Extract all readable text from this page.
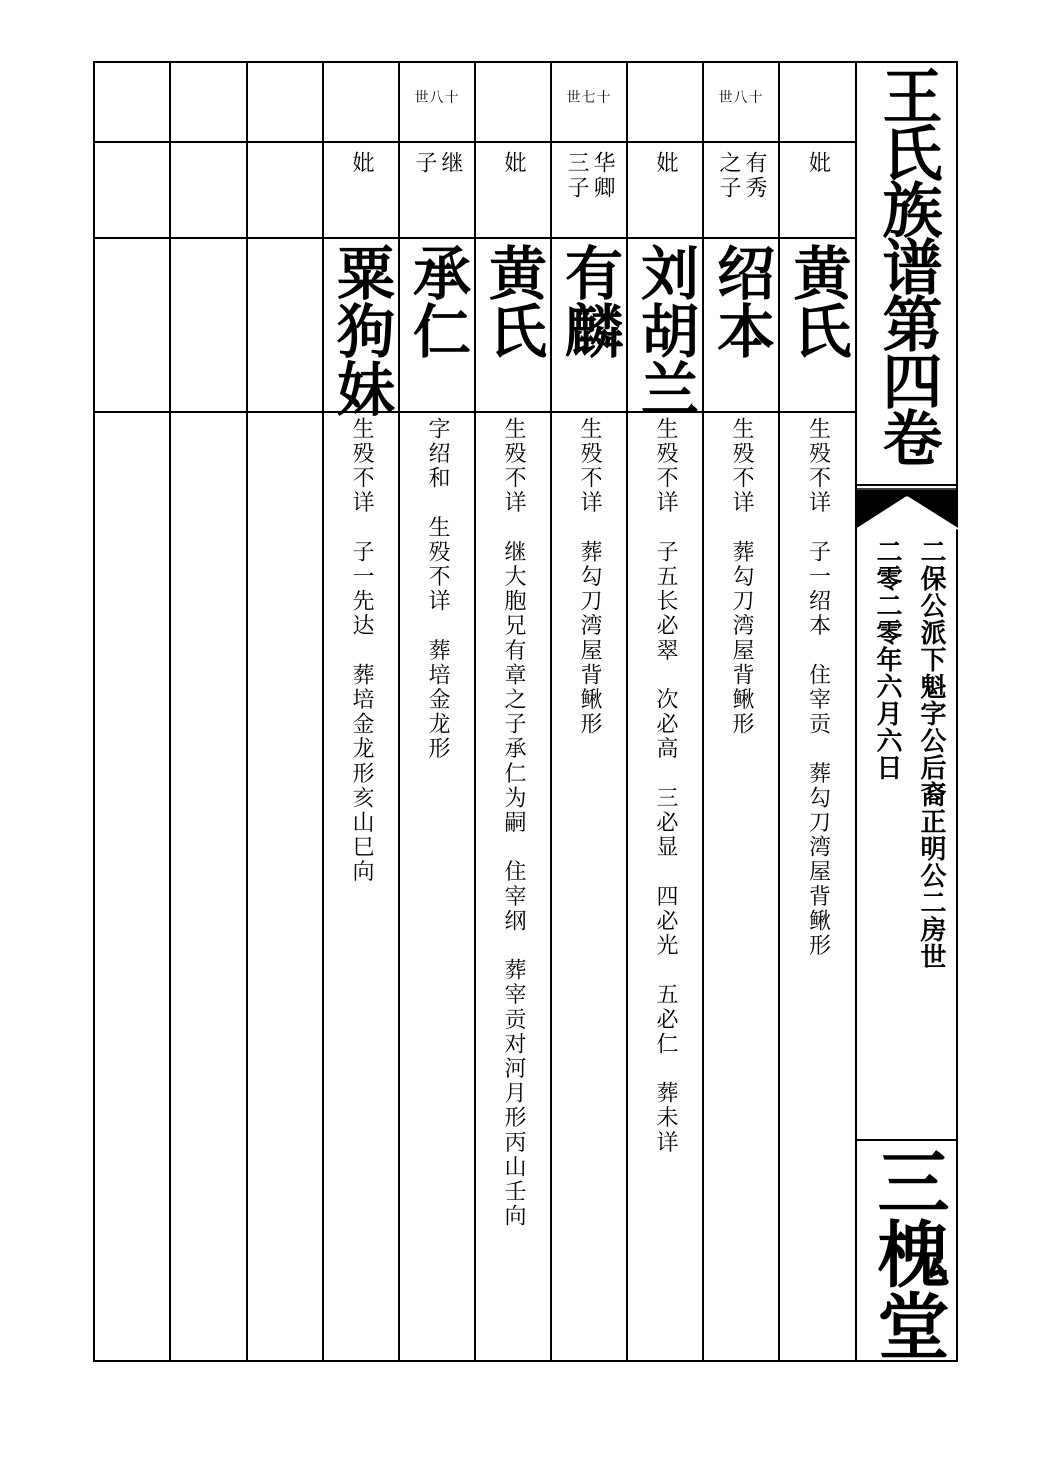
妣
黄氏
生殁不详　子一绍本　住宰贡　葬勾刀湾屋背鳅形
世八十
有秀
之子
绍本
生殁不详　葬勾刀湾屋背鳅形
妣
刘胡兰
生殁不详　子五长必翠　次必高　三必显　四必光　五必仁　葬未详
世七十
华卿
三子
有麟
生殁不详　葬勾刀湾屋背鳅形
妣
黄氏
生殁不详　继大胞兄有章之子承仁为嗣　住宰纲　葬宰贡对河月形丙山壬向
世八十
继
子
承仁
字绍和　生殁不详　葬培金龙形
妣
粟狗妹
生殁不详　子一先达　葬培金龙形亥山巳向
王氏族谱第四卷
二保公派下魁字公后裔正明公二房世
二零二零年六月六日
三槐堂
